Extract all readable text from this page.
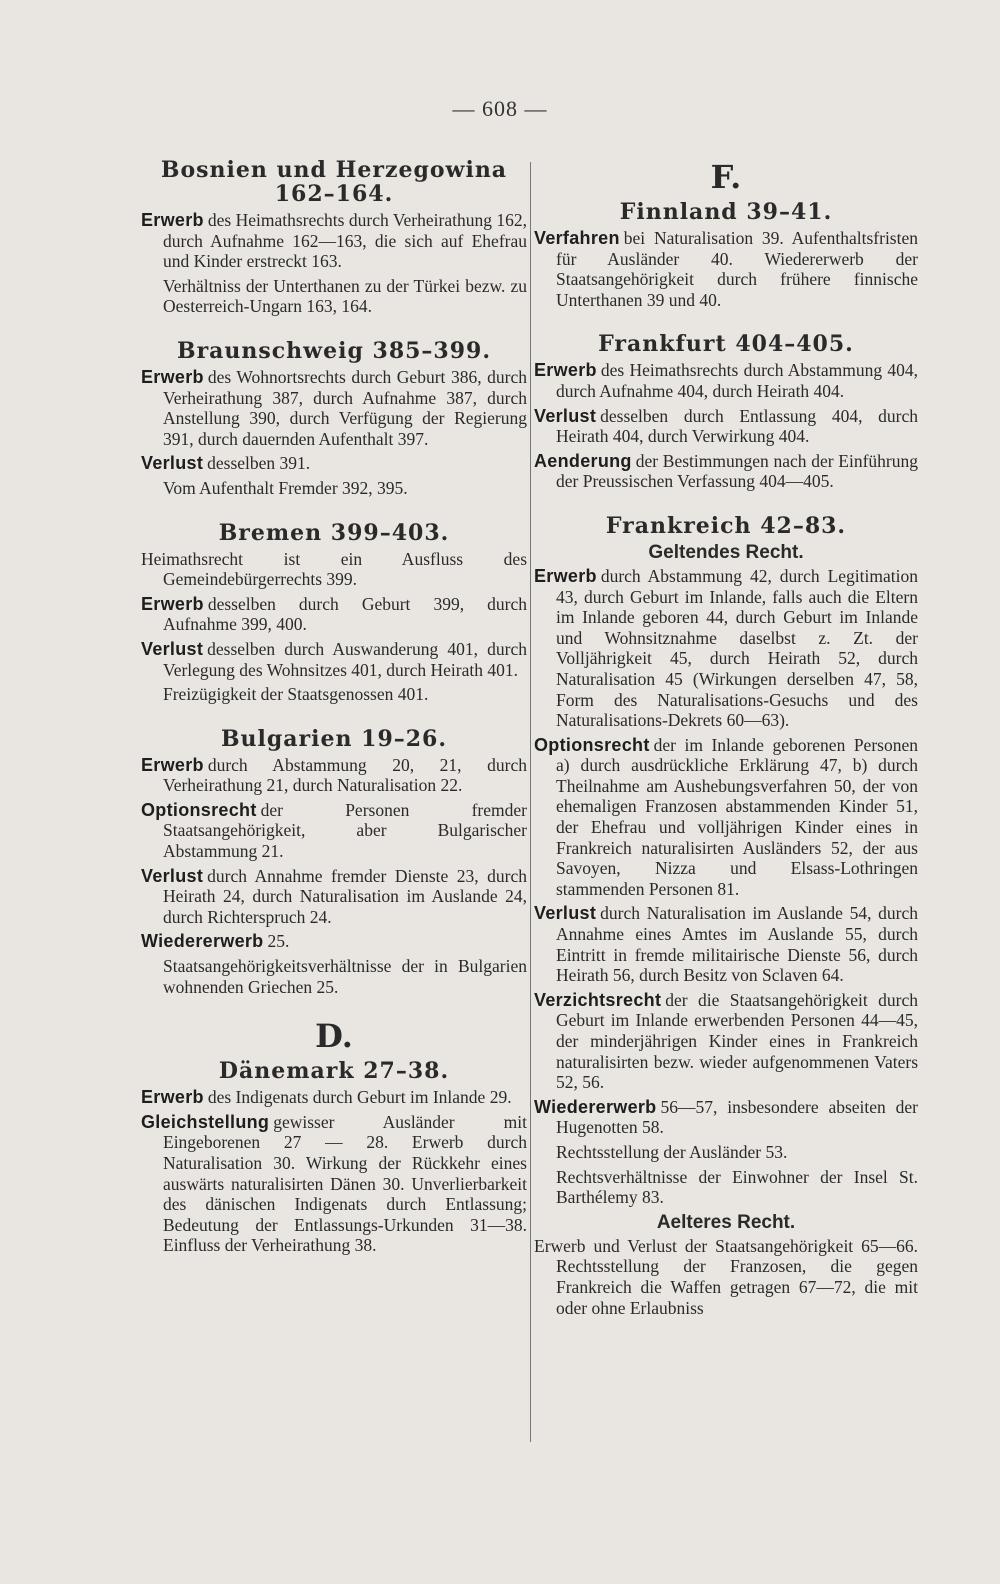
— 608 —
Bosnien und Herzegowina 162–164.

Erwerb des Heimathsrechts durch Verheirathung 162, durch Aufnahme 162—163, die sich auf Ehefrau und Kinder erstreckt 163.

Verhältniss der Unterthanen zu der Türkei bezw. zu Oesterreich-Ungarn 163, 164.

Braunschweig 385–399.

Erwerb des Wohnortsrechts durch Geburt 386, durch Verheirathung 387, durch Aufnahme 387, durch Anstellung 390, durch Verfügung der Regierung 391, durch dauernden Aufenthalt 397.

Verlust desselben 391.

Vom Aufenthalt Fremder 392, 395.

Bremen 399–403.

Heimathsrecht ist ein Ausfluss des Gemeindebürgerrechts 399.

Erwerb desselben durch Geburt 399, durch Aufnahme 399, 400.

Verlust desselben durch Auswanderung 401, durch Verlegung des Wohnsitzes 401, durch Heirath 401.

Freizügigkeit der Staatsgenossen 401.

Bulgarien 19–26.

Erwerb durch Abstammung 20, 21, durch Verheirathung 21, durch Naturalisation 22.

Optionsrecht der Personen fremder Staatsangehörigkeit, aber Bulgarischer Abstammung 21.

Verlust durch Annahme fremder Dienste 23, durch Heirath 24, durch Naturalisation im Auslande 24, durch Richterspruch 24.

Wiedererwerb 25.

Staatsangehörigkeitsverhältnisse der in Bulgarien wohnenden Griechen 25.

D.
Dänemark 27–38.

Erwerb des Indigenats durch Geburt im Inlande 29.

Gleichstellung gewisser Ausländer mit Eingeborenen 27 — 28. Erwerb durch Naturalisation 30. Wirkung der Rückkehr eines auswärts naturalisirten Dänen 30. Unverlierbarkeit des dänischen Indigenats durch Entlassung; Bedeutung der Entlassungs-Urkunden 31—38. Einfluss der Verheirathung 38.

F.
Finnland 39–41.

Verfahren bei Naturalisation 39. Aufenthaltsfristen für Ausländer 40. Wiedererwerb der Staatsangehörigkeit durch frühere finnische Unterthanen 39 und 40.

Frankfurt 404–405.

Erwerb des Heimathsrechts durch Abstammung 404, durch Aufnahme 404, durch Heirath 404.

Verlust desselben durch Entlassung 404, durch Heirath 404, durch Verwirkung 404.

Aenderung der Bestimmungen nach der Einführung der Preussischen Verfassung 404—405.

Frankreich 42–83.
Geltendes Recht.

Erwerb durch Abstammung 42, durch Legitimation 43, durch Geburt im Inlande, falls auch die Eltern im Inlande geboren 44, durch Geburt im Inlande und Wohnsitznahme daselbst z. Zt. der Volljährigkeit 45, durch Heirath 52, durch Naturalisation 45 (Wirkungen derselben 47, 58, Form des Naturalisations-Gesuchs und des Naturalisations-Dekrets 60—63).

Optionsrecht der im Inlande geborenen Personen a) durch ausdrückliche Erklärung 47, b) durch Theilnahme am Aushebungsverfahren 50, der von ehemaligen Franzosen abstammenden Kinder 51, der Ehefrau und volljährigen Kinder eines in Frankreich naturalisirten Ausländers 52, der aus Savoyen, Nizza und Elsass-Lothringen stammenden Personen 81.

Verlust durch Naturalisation im Auslande 54, durch Annahme eines Amtes im Auslande 55, durch Eintritt in fremde militairische Dienste 56, durch Heirath 56, durch Besitz von Sclaven 64.

Verzichtsrecht der die Staatsangehörigkeit durch Geburt im Inlande erwerbenden Personen 44—45, der minderjährigen Kinder eines in Frankreich naturalisirten bezw. wieder aufgenommenen Vaters 52, 56.

Wiedererwerb 56—57, insbesondere abseiten der Hugenotten 58.

Rechtsstellung der Ausländer 53.

Rechtsverhältnisse der Einwohner der Insel St. Barthélemy 83.

Aelteres Recht.

Erwerb und Verlust der Staatsangehörigkeit 65—66. Rechtsstellung der Franzosen, die gegen Frankreich die Waffen getragen 67—72, die mit oder ohne Erlaubniss
